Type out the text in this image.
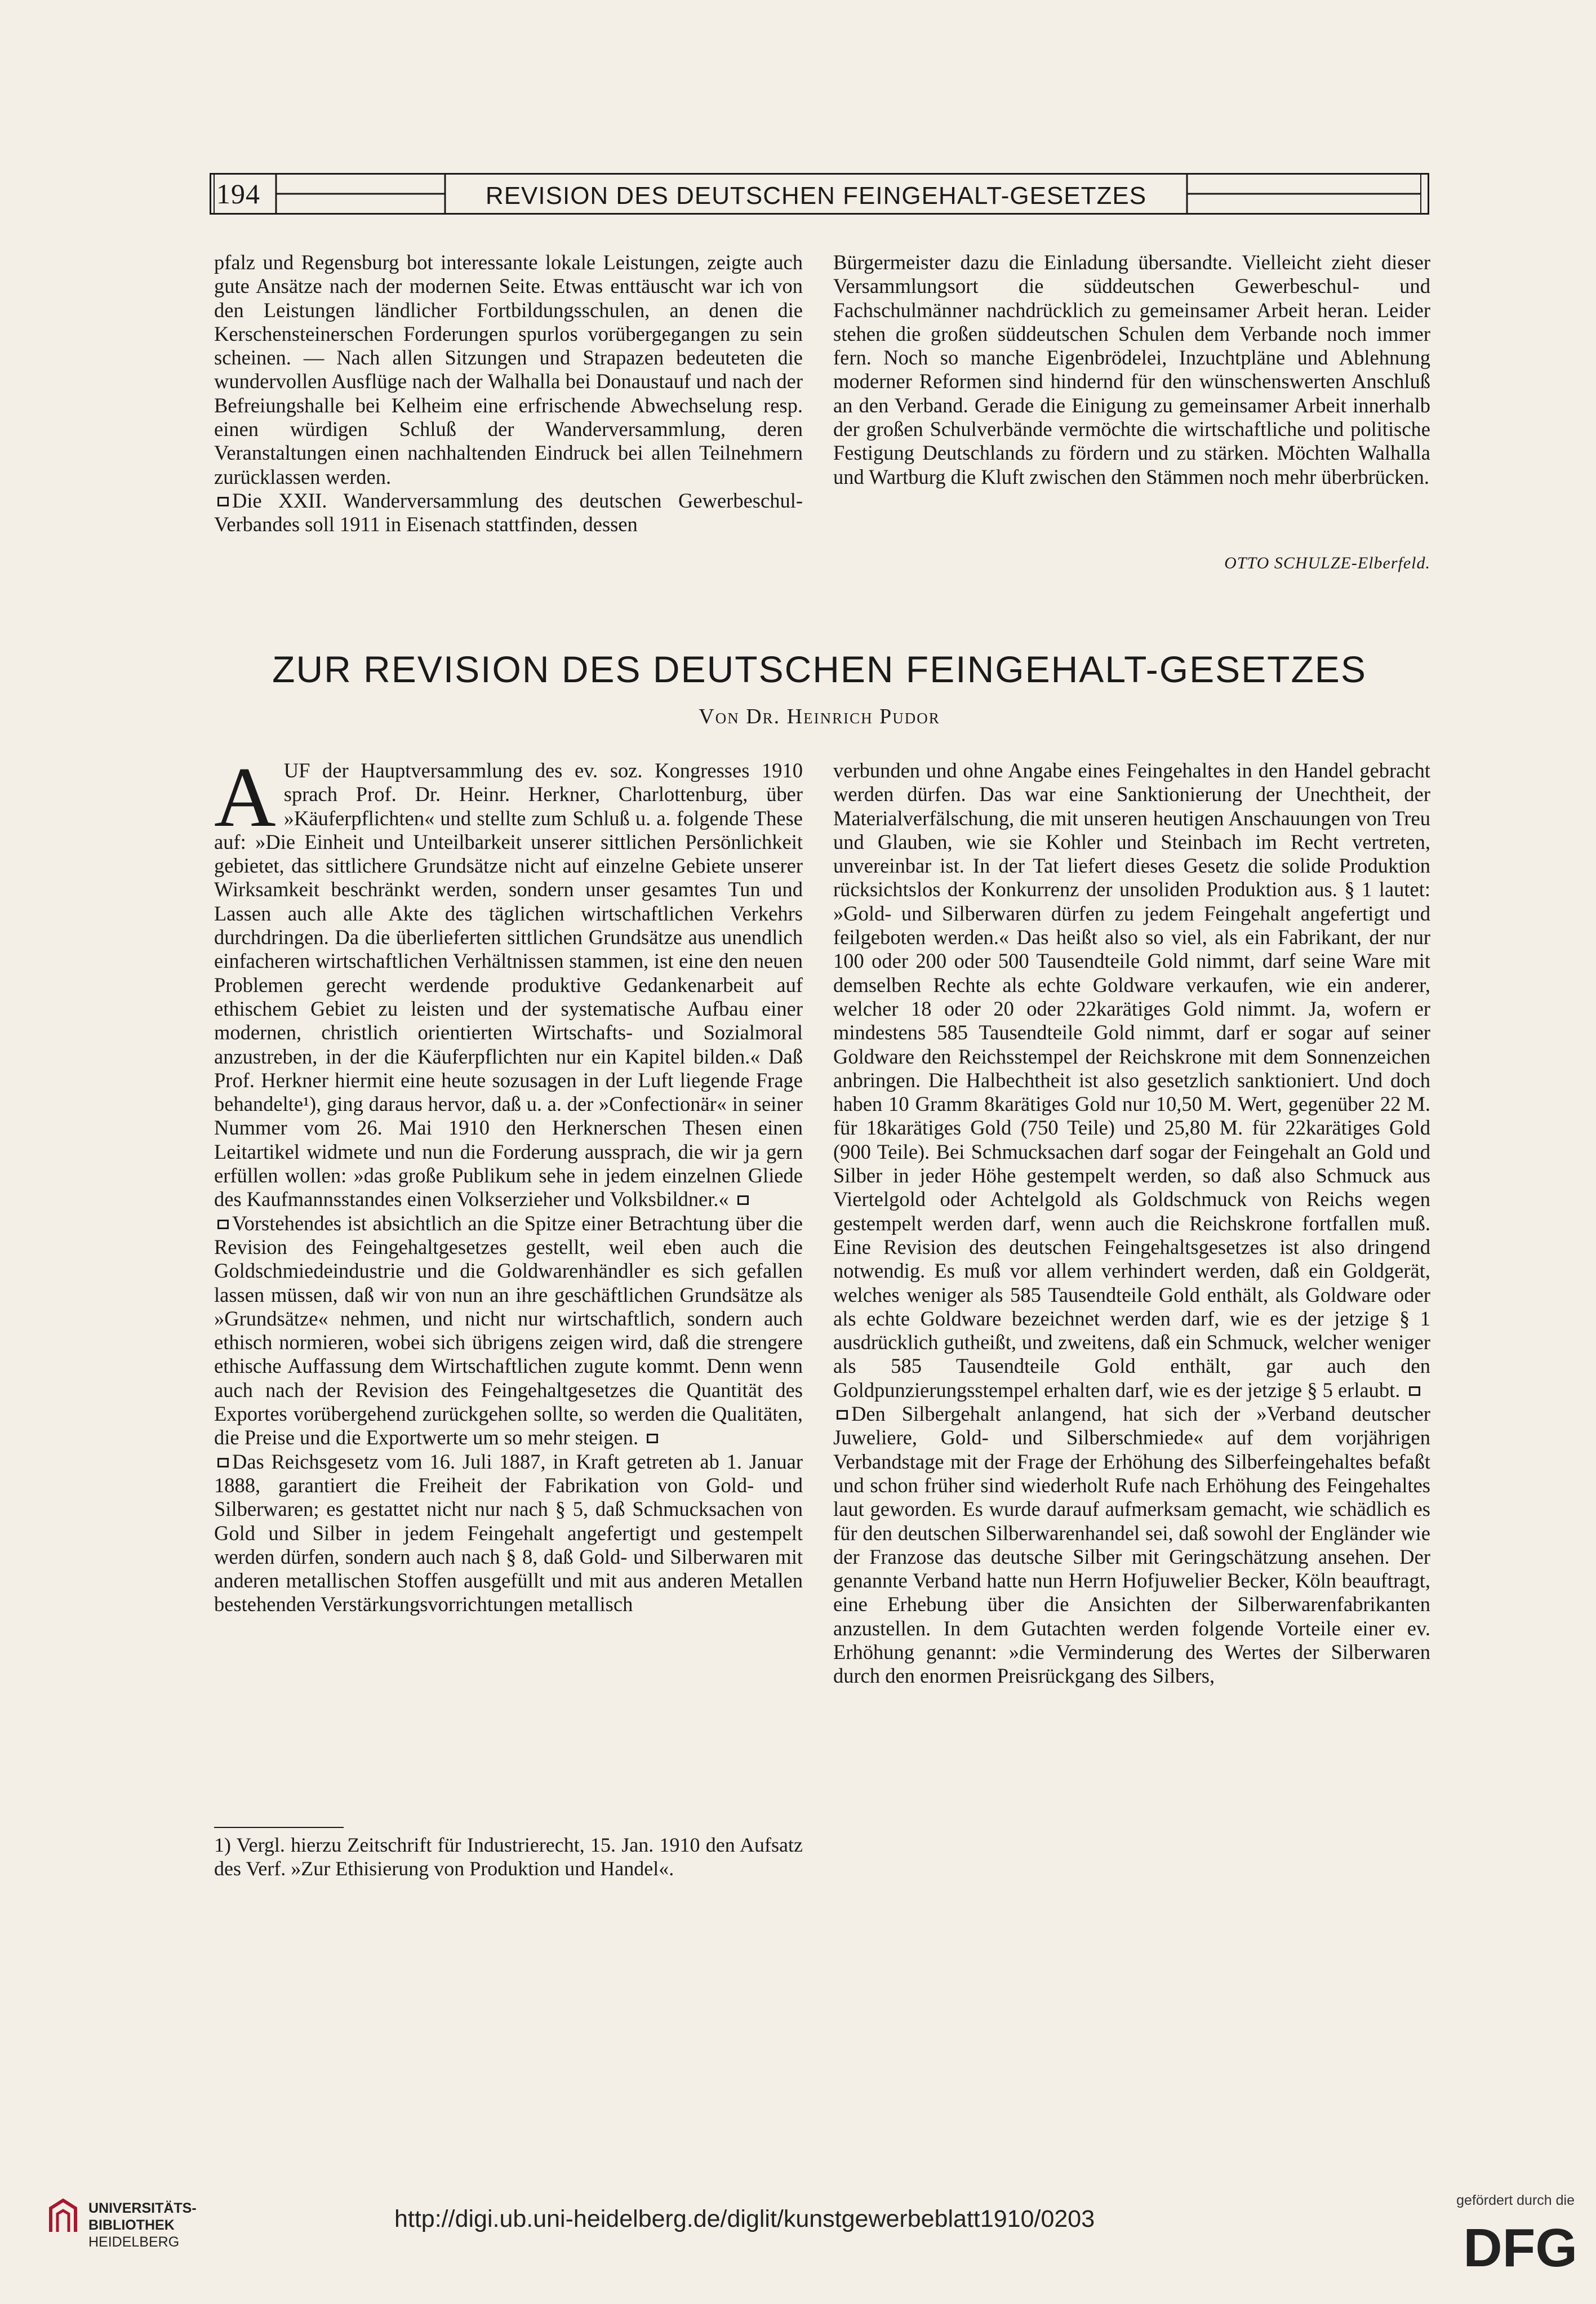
194	REVISION DES DEUTSCHEN FEINGEHALT-GESETZES

pfalz und Regensburg bot interessante lokale Leistungen, zeigte auch gute Ansätze nach der modernen Seite. Etwas enttäuscht war ich von den Leistungen ländlicher Fortbildungsschulen, an denen die Kerschensteinerschen Forderungen spurlos vorübergegangen zu sein scheinen. — Nach allen Sitzungen und Strapazen bedeuteten die wundervollen Ausflüge nach der Walhalla bei Donaustauf und nach der Befreiungshalle bei Kelheim eine erfrischende Abwechselung resp. einen würdigen Schluß der Wanderversammlung, deren Veranstaltungen einen nachhaltenden Eindruck bei allen Teilnehmern zurücklassen werden.

Die XXII. Wanderversammlung des deutschen Gewerbeschul-Verbandes soll 1911 in Eisenach stattfinden, dessen

Bürgermeister dazu die Einladung übersandte. Vielleicht zieht dieser Versammlungsort die süddeutschen Gewerbeschul- und Fachschulmänner nachdrücklich zu gemeinsamer Arbeit heran. Leider stehen die großen süddeutschen Schulen dem Verbande noch immer fern. Noch so manche Eigenbrödelei, Inzuchtpläne und Ablehnung moderner Reformen sind hindernd für den wünschenswerten Anschluß an den Verband. Gerade die Einigung zu gemeinsamer Arbeit innerhalb der großen Schulverbände vermöchte die wirtschaftliche und politische Festigung Deutschlands zu fördern und zu stärken. Möchten Walhalla und Wartburg die Kluft zwischen den Stämmen noch mehr überbrücken.

OTTO SCHULZE-Elberfeld.
ZUR REVISION DES DEUTSCHEN FEINGEHALT-GESETZES
Von Dr. Heinrich Pudor

AUF der Hauptversammlung des ev. soz. Kongresses 1910 sprach Prof. Dr. Heinr. Herkner, Charlottenburg, über »Käuferpflichten« und stellte zum Schluß u. a. folgende These auf: »Die Einheit und Unteilbarkeit unserer sittlichen Persönlichkeit gebietet, das sittlichere Grundsätze nicht auf einzelne Gebiete unserer Wirksamkeit beschränkt werden, sondern unser gesamtes Tun und Lassen auch alle Akte des täglichen wirtschaftlichen Verkehrs durchdringen. Da die überlieferten sittlichen Grundsätze aus unendlich einfacheren wirtschaftlichen Verhältnissen stammen, ist eine den neuen Problemen gerecht werdende produktive Gedankenarbeit auf ethischem Gebiet zu leisten und der systematische Aufbau einer modernen, christlich orientierten Wirtschafts- und Sozialmoral anzustreben, in der die Käuferpflichten nur ein Kapitel bilden.« Daß Prof. Herkner hiermit eine heute sozusagen in der Luft liegende Frage behandelte¹), ging daraus hervor, daß u. a. der »Confectionär« in seiner Nummer vom 26. Mai 1910 den Herknerschen Thesen einen Leitartikel widmete und nun die Forderung aussprach, die wir ja gern erfüllen wollen: »das große Publikum sehe in jedem einzelnen Gliede des Kaufmannsstandes einen Volkserzieher und Volksbildner.«

Vorstehendes ist absichtlich an die Spitze einer Betrachtung über die Revision des Feingehaltgesetzes gestellt, weil eben auch die Goldschmiedeindustrie und die Goldwarenhändler es sich gefallen lassen müssen, daß wir von nun an ihre geschäftlichen Grundsätze als »Grundsätze« nehmen, und nicht nur wirtschaftlich, sondern auch ethisch normieren, wobei sich übrigens zeigen wird, daß die strengere ethische Auffassung dem Wirtschaftlichen zugute kommt. Denn wenn auch nach der Revision des Feingehaltgesetzes die Quantität des Exportes vorübergehend zurückgehen sollte, so werden die Qualitäten, die Preise und die Exportwerte um so mehr steigen.

Das Reichsgesetz vom 16. Juli 1887, in Kraft getreten ab 1. Januar 1888, garantiert die Freiheit der Fabrikation von Gold- und Silberwaren; es gestattet nicht nur nach § 5, daß Schmucksachen von Gold und Silber in jedem Feingehalt angefertigt und gestempelt werden dürfen, sondern auch nach § 8, daß Gold- und Silberwaren mit anderen metallischen Stoffen ausgefüllt und mit aus anderen Metallen bestehenden Verstärkungsvorrichtungen metallisch

1) Vergl. hierzu Zeitschrift für Industrierecht, 15. Jan. 1910 den Aufsatz des Verf. »Zur Ethisierung von Produktion und Handel«.

verbunden und ohne Angabe eines Feingehaltes in den Handel gebracht werden dürfen. Das war eine Sanktionierung der Unechtheit, der Materialverfälschung, die mit unseren heutigen Anschauungen von Treu und Glauben, wie sie Kohler und Steinbach im Recht vertreten, unvereinbar ist. In der Tat liefert dieses Gesetz die solide Produktion rücksichtslos der Konkurrenz der unsoliden Produktion aus. § 1 lautet: »Gold- und Silberwaren dürfen zu jedem Feingehalt angefertigt und feilgeboten werden.« Das heißt also so viel, als ein Fabrikant, der nur 100 oder 200 oder 500 Tausendteile Gold nimmt, darf seine Ware mit demselben Rechte als echte Goldware verkaufen, wie ein anderer, welcher 18 oder 20 oder 22karätiges Gold nimmt. Ja, wofern er mindestens 585 Tausendteile Gold nimmt, darf er sogar auf seiner Goldware den Reichsstempel der Reichskrone mit dem Sonnenzeichen anbringen. Die Halbechtheit ist also gesetzlich sanktioniert. Und doch haben 10 Gramm 8karätiges Gold nur 10,50 M. Wert, gegenüber 22 M. für 18karätiges Gold (750 Teile) und 25,80 M. für 22karätiges Gold (900 Teile). Bei Schmucksachen darf sogar der Feingehalt an Gold und Silber in jeder Höhe gestempelt werden, so daß also Schmuck aus Viertelgold oder Achtelgold als Goldschmuck von Reichs wegen gestempelt werden darf, wenn auch die Reichskrone fortfallen muß. Eine Revision des deutschen Feingehaltsgesetzes ist also dringend notwendig. Es muß vor allem verhindert werden, daß ein Goldgerät, welches weniger als 585 Tausendteile Gold enthält, als Goldware oder als echte Goldware bezeichnet werden darf, wie es der jetzige § 1 ausdrücklich gutheißt, und zweitens, daß ein Schmuck, welcher weniger als 585 Tausendteile Gold enthält, gar auch den Goldpunzierungsstempel erhalten darf, wie es der jetzige § 5 erlaubt.

Den Silbergehalt anlangend, hat sich der »Verband deutscher Juweliere, Gold- und Silberschmiede« auf dem vorjährigen Verbandstage mit der Frage der Erhöhung des Silberfeingehaltes befaßt und schon früher sind wiederholt Rufe nach Erhöhung des Feingehaltes laut geworden. Es wurde darauf aufmerksam gemacht, wie schädlich es für den deutschen Silberwarenhandel sei, daß sowohl der Engländer wie der Franzose das deutsche Silber mit Geringschätzung ansehen. Der genannte Verband hatte nun Herrn Hofjuwelier Becker, Köln beauftragt, eine Erhebung über die Ansichten der Silberwarenfabrikanten anzustellen. In dem Gutachten werden folgende Vorteile einer ev. Erhöhung genannt: »die Verminderung des Wertes der Silberwaren durch den enormen Preisrückgang des Silbers,

UNIVERSITÄTS-
BIBLIOTHEK
HEIDELBERG
http://digi.ub.uni-heidelberg.de/diglit/kunstgewerbeblatt1910/0203
gefördert durch die
DFG
